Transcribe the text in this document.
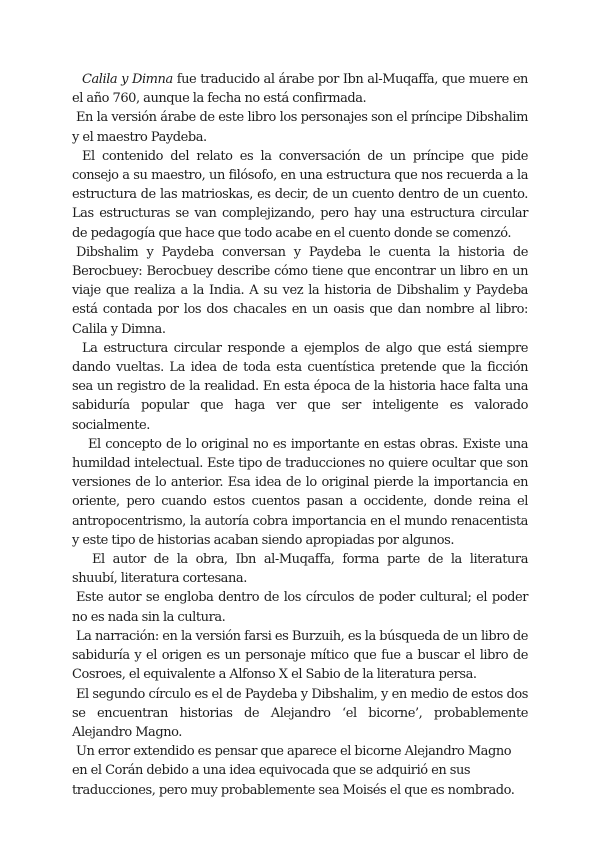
Calila y Dimna fue traducido al árabe por Ibn al-Muqaffa, que muere en el año 760, aunque la fecha no está confirmada.

En la versión árabe de este libro los personajes son el príncipe Dibshalim y el maestro Paydeba.

El contenido del relato es la conversación de un príncipe que pide consejo a su maestro, un filósofo, en una estructura que nos recuerda a la estructura de las matrioskas, es decir, de un cuento dentro de un cuento. Las estructuras se van complejizando, pero hay una estructura circular de pedagogía que hace que todo acabe en el cuento donde se comenzó.

Dibshalim y Paydeba conversan y Paydeba le cuenta la historia de Berocbuey: Berocbuey describe cómo tiene que encontrar un libro en un viaje que realiza a la India. A su vez la historia de Dibshalim y Paydeba está contada por los dos chacales en un oasis que dan nombre al libro: Calila y Dimna.

La estructura circular responde a ejemplos de algo que está siempre dando vueltas. La idea de toda esta cuentística pretende que la ficción sea un registro de la realidad. En esta época de la historia hace falta una sabiduría popular que haga ver que ser inteligente es valorado socialmente.

El concepto de lo original no es importante en estas obras. Existe una humildad intelectual. Este tipo de traducciones no quiere ocultar que son versiones de lo anterior. Esa idea de lo original pierde la importancia en oriente, pero cuando estos cuentos pasan a occidente, donde reina el antropocentrismo, la autoría cobra importancia en el mundo renacentista y este tipo de historias acaban siendo apropiadas por algunos.

El autor de la obra, Ibn al-Muqaffa, forma parte de la literatura shuubí, literatura cortesana.

Este autor se engloba dentro de los círculos de poder cultural; el poder no es nada sin la cultura.

La narración: en la versión farsi es Burzuih, es la búsqueda de un libro de sabiduría y el origen es un personaje mítico que fue a buscar el libro de Cosroes, el equivalente a Alfonso X el Sabio de la literatura persa.

El segundo círculo es el de Paydeba y Dibshalim, y en medio de estos dos se encuentran historias de Alejandro ‘el bicorne’, probablemente Alejandro Magno.

Un error extendido es pensar que aparece el bicorne Alejandro Magno en el Corán debido a una idea equivocada que se adquirió en sus traducciones, pero muy probablemente sea Moisés el que es nombrado.
